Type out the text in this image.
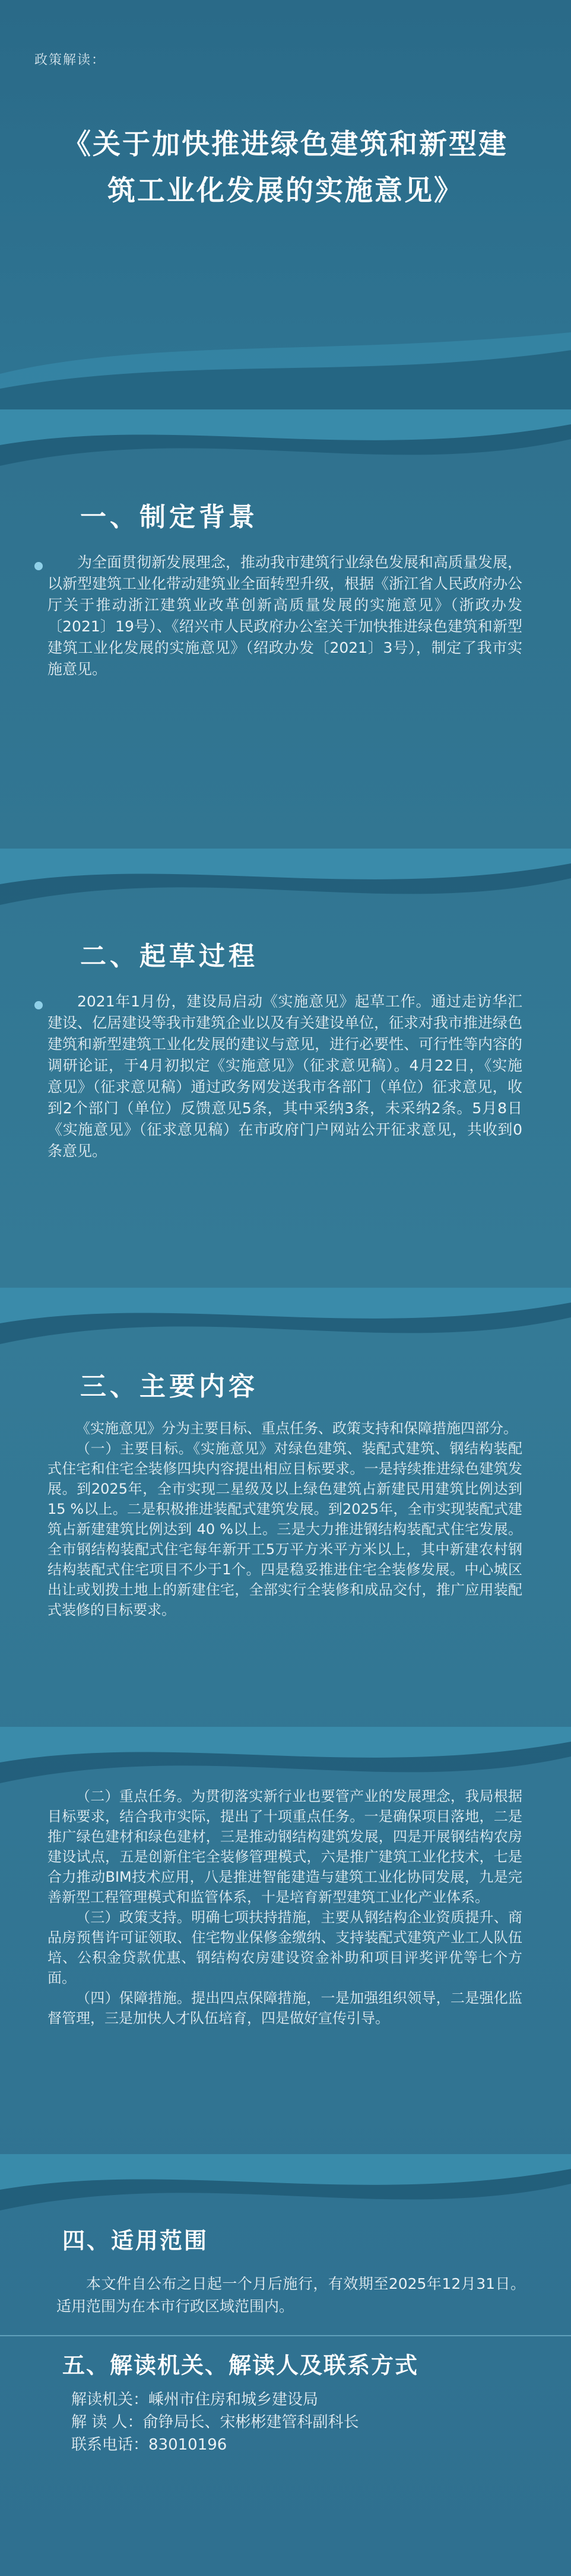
政策解读：
《关于加快推进绿色建筑和新型建
筑工业化发展的实施意见》
一、制定背景

为全面贯彻新发展理念，推动我市建筑行业绿色发展和高质量发展，以新型建筑工业化带动建筑业全面转型升级，根据《浙江省人民政府办公厅关于推动浙江建筑业改革创新高质量发展的实施意见》（浙政办发〔2021〕19号）、《绍兴市人民政府办公室关于加快推进绿色建筑和新型建筑工业化发展的实施意见》（绍政办发〔2021〕3号），制定了我市实施意见。

二、起草过程

2021年1月份，建设局启动《实施意见》起草工作。通过走访华汇建设、亿居建设等我市建筑企业以及有关建设单位，征求对我市推进绿色建筑和新型建筑工业化发展的建议与意见，进行必要性、可行性等内容的调研论证，于4月初拟定《实施意见》（征求意见稿）。4月22日，《实施意见》（征求意见稿）通过政务网发送我市各部门（单位）征求意见，收到2个部门（单位）反馈意见5条，其中采纳3条，未采纳2条。5月8日《实施意见》（征求意见稿）在市政府门户网站公开征求意见，共收到0条意见。

三、主要内容

《实施意见》分为主要目标、重点任务、政策支持和保障措施四部分。

（一）主要目标。《实施意见》对绿色建筑、装配式建筑、钢结构装配式住宅和住宅全装修四块内容提出相应目标要求。一是持续推进绿色建筑发展。到2025年，全市实现二星级及以上绿色建筑占新建民用建筑比例达到15 %以上。二是积极推进装配式建筑发展。到2025年，全市实现装配式建筑占新建建筑比例达到 40 %以上。三是大力推进钢结构装配式住宅发展。全市钢结构装配式住宅每年新开工5万平方米平方米以上，其中新建农村钢结构装配式住宅项目不少于1个。四是稳妥推进住宅全装修发展。中心城区出让或划拨土地上的新建住宅，全部实行全装修和成品交付，推广应用装配式装修的目标要求。

（二）重点任务。为贯彻落实新行业也要管产业的发展理念，我局根据目标要求，结合我市实际，提出了十项重点任务。一是确保项目落地，二是推广绿色建材和绿色建材，三是推动钢结构建筑发展，四是开展钢结构农房建设试点，五是创新住宅全装修管理模式，六是推广建筑工业化技术，七是合力推动BIM技术应用，八是推进智能建造与建筑工业化协同发展，九是完善新型工程管理模式和监管体系，十是培育新型建筑工业化产业体系。

（三）政策支持。明确七项扶持措施，主要从钢结构企业资质提升、商品房预售许可证领取、住宅物业保修金缴纳、支持装配式建筑产业工人队伍培、公积金贷款优惠、钢结构农房建设资金补助和项目评奖评优等七个方面。

（四）保障措施。提出四点保障措施，一是加强组织领导，二是强化监督管理，三是加快人才队伍培育，四是做好宣传引导。

四、适用范围

本文件自公布之日起一个月后施行，有效期至2025年12月31日。适用范围为在本市行政区域范围内。

五、解读机关、解读人及联系方式
解读机关：嵊州市住房和城乡建设局
解 读 人：俞铮局长、宋彬彬建管科副科长
联系电话：83010196
